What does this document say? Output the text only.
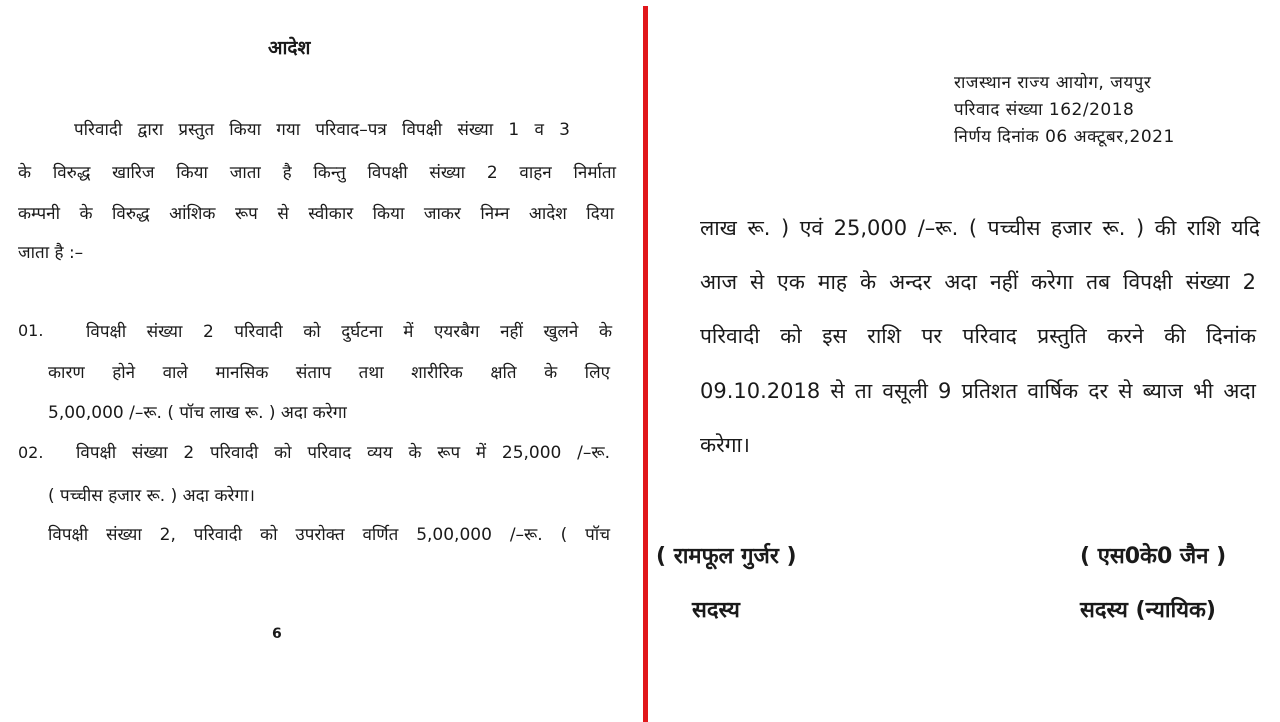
आदेश
परिवादी द्वारा प्रस्तुत किया गया परिवाद–पत्र विपक्षी संख्या 1 व 3
के विरुद्ध खारिज किया जाता है किन्तु विपक्षी संख्या 2 वाहन निर्माता
कम्पनी के विरुद्ध आंशिक रूप से स्वीकार किया जाकर निम्न आदेश दिया
जाता है :–
01.	विपक्षी संख्या 2 परिवादी को दुर्घटना में एयरबैग नहीं खुलने के
कारण होने वाले मानसिक संताप तथा शारीरिक क्षति के लिए
5,00,000 /–रू. ( पॉच लाख रू. ) अदा करेगा
02. विपक्षी संख्या 2 परिवादी को परिवाद व्यय के रूप में 25,000 /–रू.
( पच्चीस हजार रू. ) अदा करेगा।
विपक्षी संख्या 2, परिवादी को उपरोक्त वर्णित 5,00,000 /–रू. ( पॉच
6
राजस्थान राज्य आयोग, जयपुर
परिवाद संख्या 162/2018
निर्णय दिनांक 06 अक्टूबर,2021
लाख रू. ) एवं 25,000 /–रू. ( पच्चीस हजार रू. ) की राशि यदि
आज से एक माह के अन्दर अदा नहीं करेगा तब विपक्षी संख्या 2
परिवादी को इस राशि पर परिवाद प्रस्तुति करने की दिनांक
09.10.2018 से ता वसूली 9 प्रतिशत वार्षिक दर से ब्याज भी अदा
करेगा।
( रामफूल गुर्जर )
सदस्य
( एस0के0 जैन )
सदस्य (न्यायिक)
